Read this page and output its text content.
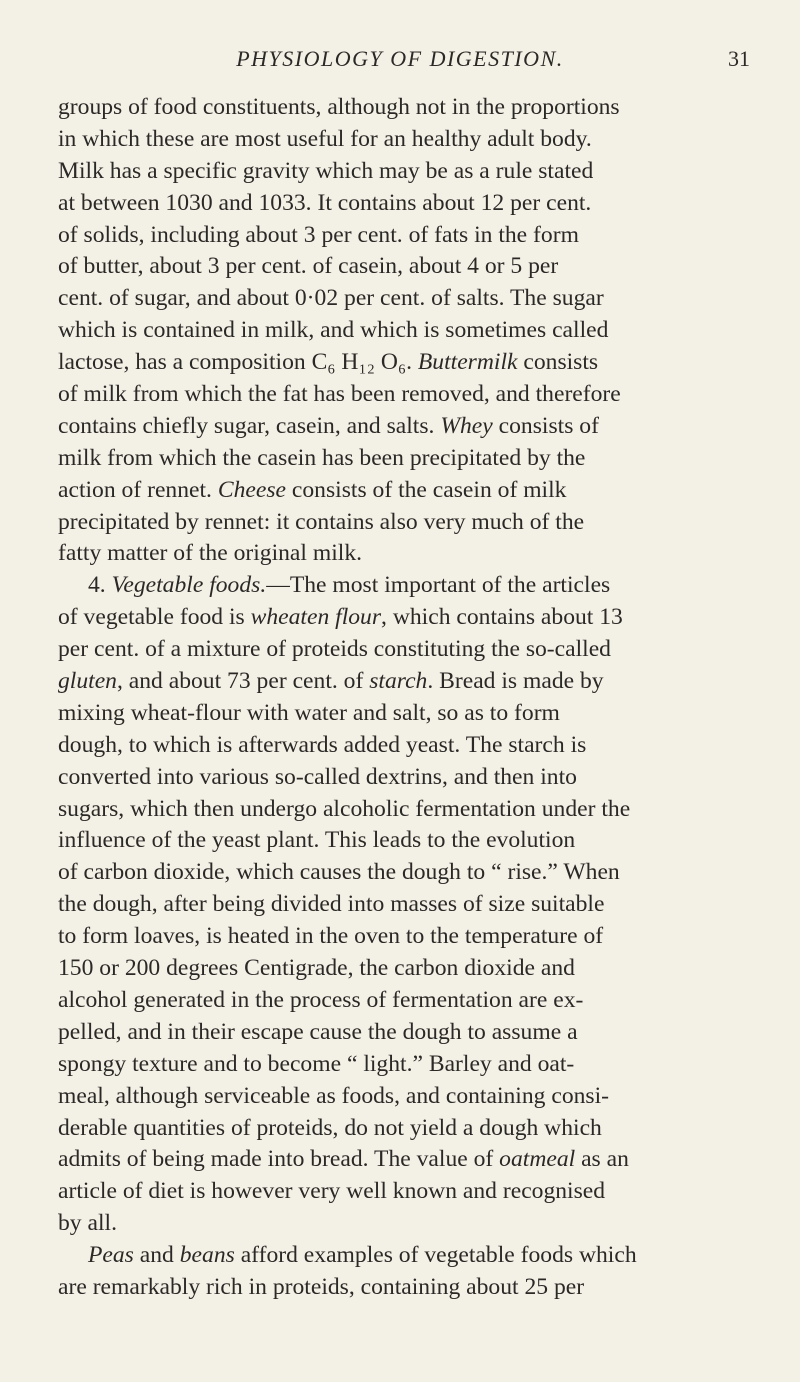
PHYSIOLOGY OF DIGESTION.	31
groups of food constituents, although not in the proportions
in which these are most useful for an healthy adult body.
Milk has a specific gravity which may be as a rule stated
at between 1030 and 1033. It contains about 12 per cent.
of solids, including about 3 per cent. of fats in the form
of butter, about 3 per cent. of casein, about 4 or 5 per
cent. of sugar, and about 0·02 per cent. of salts. The sugar
which is contained in milk, and which is sometimes called
lactose, has a composition C₆ H₁₂ O₆. Buttermilk consists
of milk from which the fat has been removed, and therefore
contains chiefly sugar, casein, and salts. Whey consists of
milk from which the casein has been precipitated by the
action of rennet. Cheese consists of the casein of milk
precipitated by rennet: it contains also very much of the
fatty matter of the original milk.
4. Vegetable foods.—The most important of the articles
of vegetable food is wheaten flour, which contains about 13
per cent. of a mixture of proteids constituting the so-called
gluten, and about 73 per cent. of starch. Bread is made by
mixing wheat-flour with water and salt, so as to form
dough, to which is afterwards added yeast. The starch is
converted into various so-called dextrins, and then into
sugars, which then undergo alcoholic fermentation under the
influence of the yeast plant. This leads to the evolution
of carbon dioxide, which causes the dough to “ rise.” When
the dough, after being divided into masses of size suitable
to form loaves, is heated in the oven to the temperature of
150 or 200 degrees Centigrade, the carbon dioxide and
alcohol generated in the process of fermentation are ex-
pelled, and in their escape cause the dough to assume a
spongy texture and to become “ light.” Barley and oat-
meal, although serviceable as foods, and containing consi-
derable quantities of proteids, do not yield a dough which
admits of being made into bread. The value of oatmeal as an
article of diet is however very well known and recognised
by all.
Peas and beans afford examples of vegetable foods which
are remarkably rich in proteids, containing about 25 per
